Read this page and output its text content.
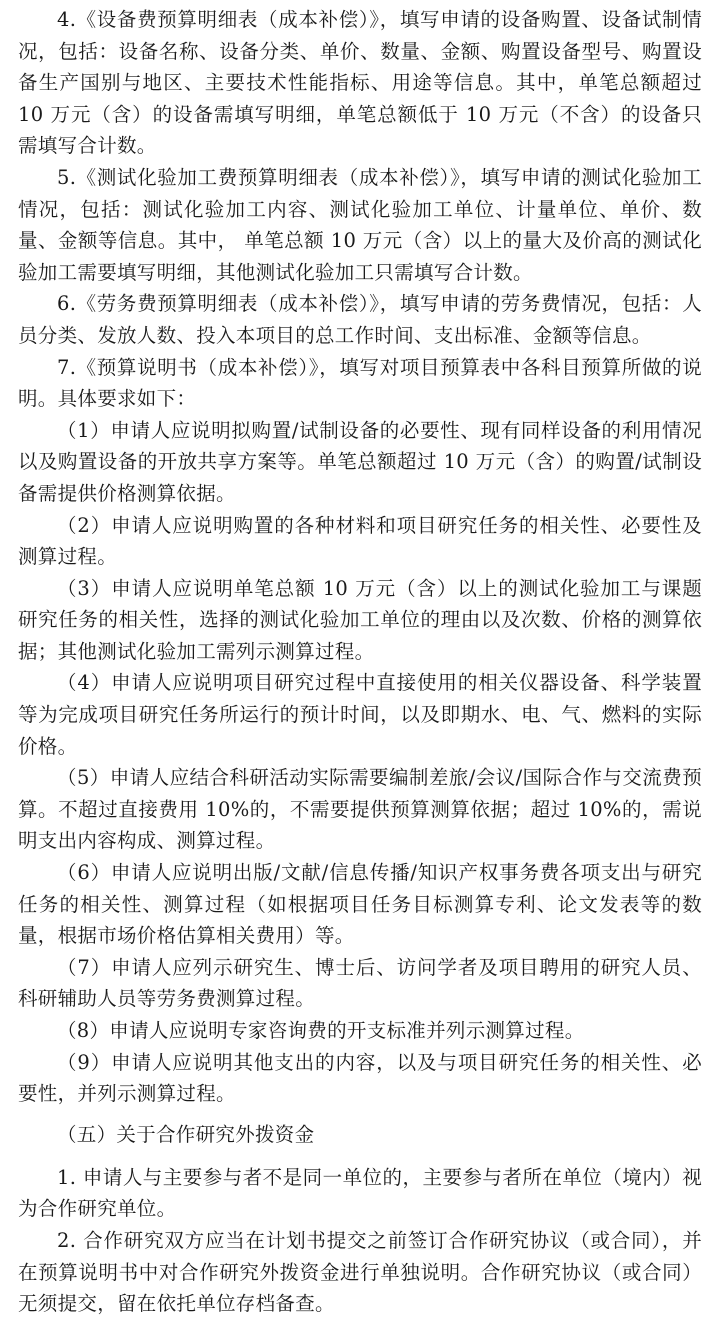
4.《设备费预算明细表（成本补偿）》，填写申请的设备购置、设备试制情况，包括：设备名称、设备分类、单价、数量、金额、购置设备型号、购置设备生产国别与地区、主要技术性能指标、用途等信息。其中，单笔总额超过 10 万元（含）的设备需填写明细，单笔总额低于 10 万元（不含）的设备只需填写合计数。

5.《测试化验加工费预算明细表（成本补偿）》，填写申请的测试化验加工情况，包括：测试化验加工内容、测试化验加工单位、计量单位、单价、数量、金额等信息。其中， 单笔总额 10 万元（含）以上的量大及价高的测试化验加工需要填写明细，其他测试化验加工只需填写合计数。

6.《劳务费预算明细表（成本补偿）》，填写申请的劳务费情况，包括：人员分类、发放人数、投入本项目的总工作时间、支出标准、金额等信息。

7.《预算说明书（成本补偿）》，填写对项目预算表中各科目预算所做的说明。具体要求如下：

（1）申请人应说明拟购置/试制设备的必要性、现有同样设备的利用情况以及购置设备的开放共享方案等。单笔总额超过 10 万元（含）的购置/试制设备需提供价格测算依据。

（2）申请人应说明购置的各种材料和项目研究任务的相关性、必要性及测算过程。

（3）申请人应说明单笔总额 10 万元（含）以上的测试化验加工与课题研究任务的相关性，选择的测试化验加工单位的理由以及次数、价格的测算依据；其他测试化验加工需列示测算过程。

（4）申请人应说明项目研究过程中直接使用的相关仪器设备、科学装置等为完成项目研究任务所运行的预计时间，以及即期水、电、气、燃料的实际价格。

（5）申请人应结合科研活动实际需要编制差旅/会议/国际合作与交流费预算。不超过直接费用 10%的，不需要提供预算测算依据；超过 10%的，需说明支出内容构成、测算过程。

（6）申请人应说明出版/文献/信息传播/知识产权事务费各项支出与研究任务的相关性、测算过程（如根据项目任务目标测算专利、论文发表等的数量，根据市场价格估算相关费用）等。

（7）申请人应列示研究生、博士后、访问学者及项目聘用的研究人员、科研辅助人员等劳务费测算过程。

（8）申请人应说明专家咨询费的开支标准并列示测算过程。

（9）申请人应说明其他支出的内容，以及与项目研究任务的相关性、必要性，并列示测算过程。

（五）关于合作研究外拨资金

1. 申请人与主要参与者不是同一单位的，主要参与者所在单位（境内）视为合作研究单位。

2. 合作研究双方应当在计划书提交之前签订合作研究协议（或合同），并在预算说明书中对合作研究外拨资金进行单独说明。合作研究协议（或合同）无须提交，留在依托单位存档备查。
